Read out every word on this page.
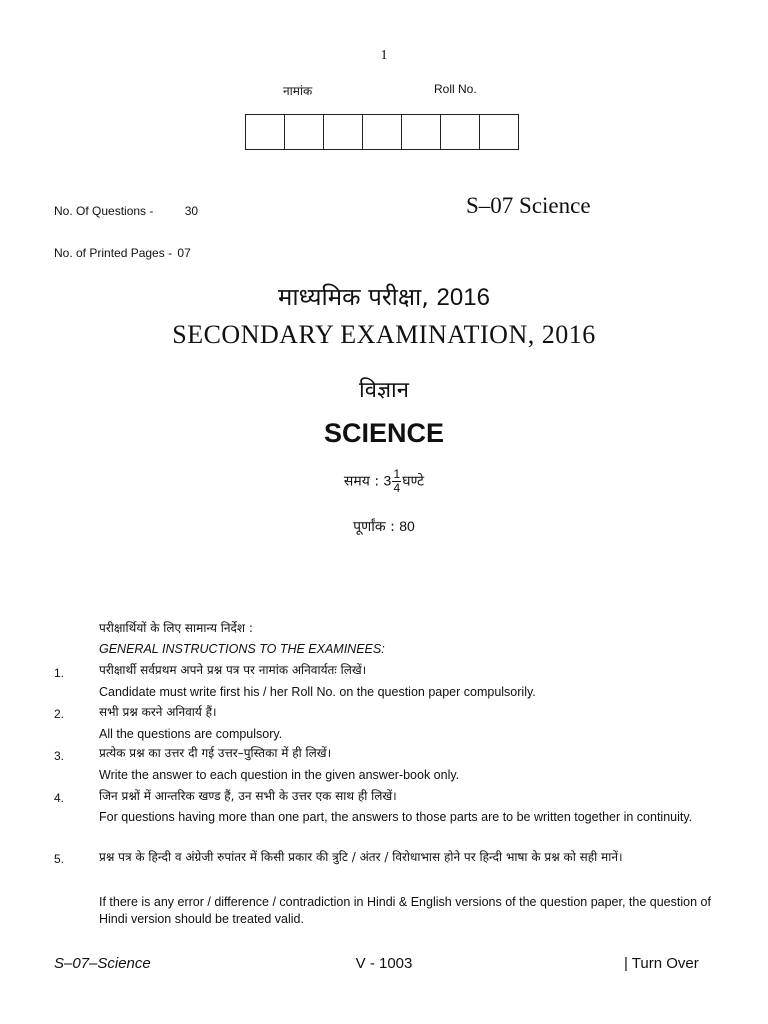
1
नामांक	Roll No.
No. Of Questions -	30	S–07 Science
No. of Printed Pages - 07
माध्यमिक परीक्षा, 2016
SECONDARY EXAMINATION, 2016
विज्ञान
SCIENCE
समय : $3 \frac{1}{4}$ घण्टे
पूर्णांक : 80
परीक्षार्थियों के लिए सामान्य निर्देश :
GENERAL INSTRUCTIONS TO THE EXAMINEES:
1.	परीक्षार्थी सर्वप्रथम अपने प्रश्न पत्र पर नामांक अनिवार्यतः लिखें।
Candidate must write first his / her Roll No. on the question paper compulsorily.
2.	सभी प्रश्न करने अनिवार्य हैं।
All the questions are compulsory.
3.	प्रत्येक प्रश्न का उत्तर दी गई उत्तर–पुस्तिका में ही लिखें।
Write the answer to each question in the given answer-book only.
4.	जिन प्रश्नों में आन्तरिक खण्ड हैं, उन सभी के उत्तर एक साथ ही लिखें।
For questions having more than one part, the answers to those parts are to be written together in continuity.
5.	प्रश्न पत्र के हिन्दी व अंग्रेजी रुपांतर में किसी प्रकार की त्रुटि / अंतर / विरोधाभास होने पर हिन्दी भाषा के प्रश्न को सही मानें।
If there is any error / difference / contradiction in Hindi & English versions of the question paper, the question of Hindi version should be treated valid.
S–07–Science	V - 1003	| Turn Over
